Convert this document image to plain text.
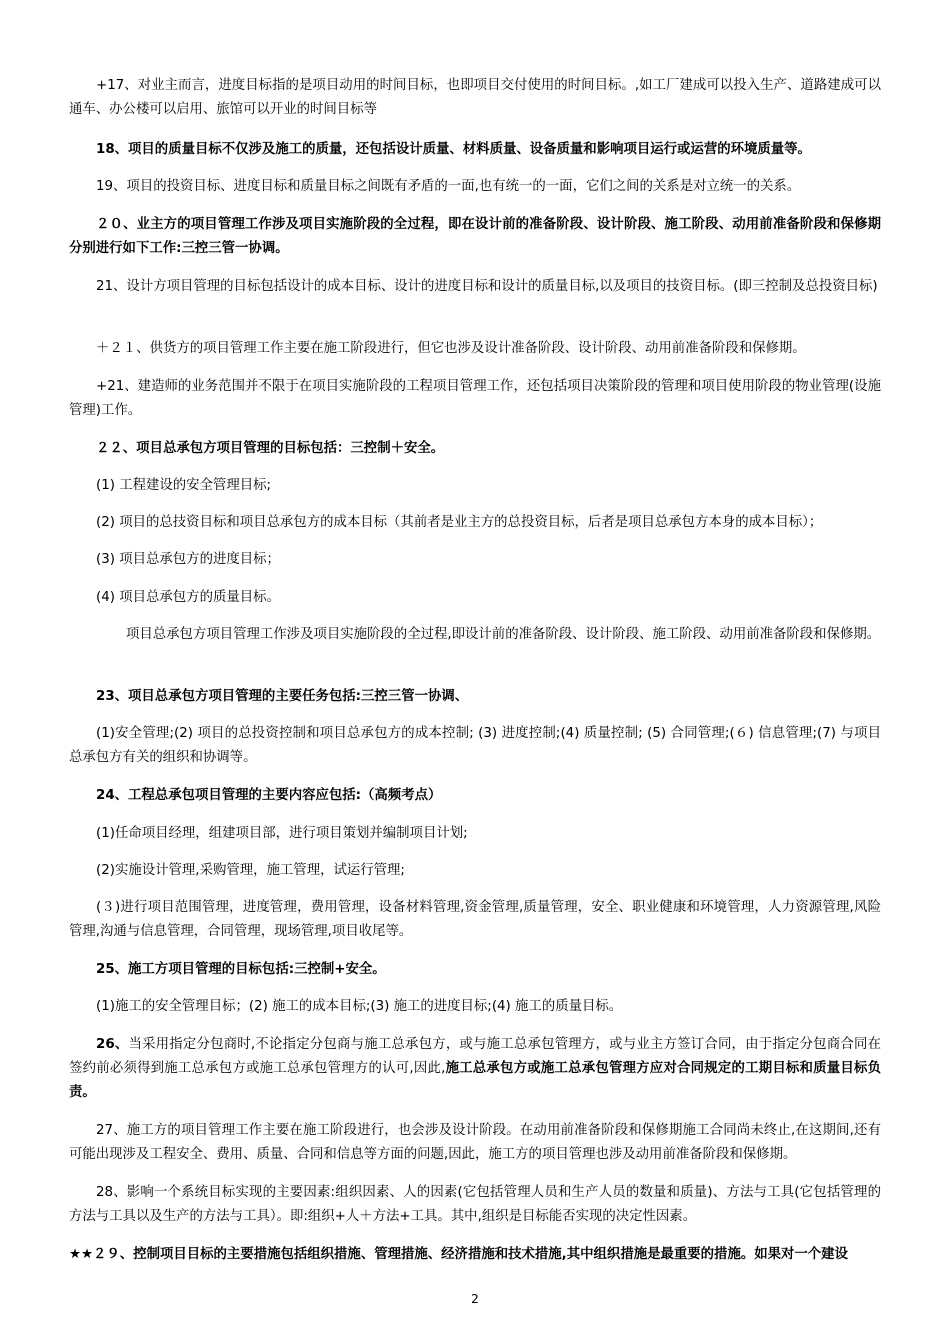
+17、对业主而言，进度目标指的是项目动用的时间目标，也即项目交付使用的时间目标。,如工厂建成可以投入生产、道路建成可以通车、办公楼可以启用、旅馆可以开业的时间目标等
18、项目的质量目标不仅涉及施工的质量，还包括设计质量、材料质量、设备质量和影响项目运行或运营的环境质量等。
19、项目的投资目标、进度目标和质量目标之间既有矛盾的一面,也有统一的一面，它们之间的关系是对立统一的关系。
２０、业主方的项目管理工作涉及项目实施阶段的全过程，即在设计前的准备阶段、设计阶段、施工阶段、动用前准备阶段和保修期分别进行如下工作:三控三管一协调。
21、设计方项目管理的目标包括设计的成本目标、设计的进度目标和设计的质量目标,以及项目的技资目标。(即三控制及总投资目标)
＋２１、供货方的项目管理工作主要在施工阶段进行，但它也涉及设计准备阶段、设计阶段、动用前准备阶段和保修期。
+21、建造师的业务范围并不限于在项目实施阶段的工程项目管理工作，还包括项目决策阶段的管理和项目使用阶段的物业管理(设施管理)工作。
２２、项目总承包方项目管理的目标包括：三控制＋安全。
(1) 工程建设的安全管理目标;
(2) 项目的总技资目标和项目总承包方的成本目标（其前者是业主方的总投资目标，后者是项目总承包方本身的成本目标）；
(3) 项目总承包方的进度目标；
(4) 项目总承包方的质量目标。
项目总承包方项目管理工作涉及项目实施阶段的全过程,即设计前的准备阶段、设计阶段、施工阶段、动用前准备阶段和保修期。
23、项目总承包方项目管理的主要任务包括:三控三管一协调、
(1)安全管理;(2) 项目的总投资控制和项目总承包方的成本控制; (3) 进度控制;(4) 质量控制; (5) 合同管理;(６) 信息管理;(7) 与项目总承包方有关的组织和协调等。
24、工程总承包项目管理的主要内容应包括:（高频考点）
(1)任命项目经理，组建项目部，进行项目策划并编制项目计划;
(2)实施设计管理,采购管理，施工管理，试运行管理;
(３)进行项目范围管理，进度管理，费用管理，设备材料管理,资金管理,质量管理，安全、职业健康和环境管理，人力资源管理,风险管理,沟通与信息管理，合同管理，现场管理,项目收尾等。
25、施工方项目管理的目标包括:三控制+安全。
(1)施工的安全管理目标；(2) 施工的成本目标;(3) 施工的进度目标;(4) 施工的质量目标。
26、当采用指定分包商时,不论指定分包商与施工总承包方，或与施工总承包管理方，或与业主方签订合同，由于指定分包商合同在签约前必须得到施工总承包方或施工总承包管理方的认可,因此,施工总承包方或施工总承包管理方应对合同规定的工期目标和质量目标负责。
27、施工方的项目管理工作主要在施工阶段进行，也会涉及设计阶段。在动用前准备阶段和保修期施工合同尚未终止,在这期间,还有可能出现涉及工程安全、费用、质量、合同和信息等方面的问题,因此，施工方的项目管理也涉及动用前准备阶段和保修期。
28、影响一个系统目标实现的主要因素:组织因素、人的因素(它包括管理人员和生产人员的数量和质量)、方法与工具(它包括管理的方法与工具以及生产的方法与工具）。即:组织+人＋方法+工具。其中,组织是目标能否实现的决定性因素。
★★２９、控制项目目标的主要措施包括组织措施、管理措施、经济措施和技术措施,其中组织措施是最重要的措施。如果对一个建设
2
